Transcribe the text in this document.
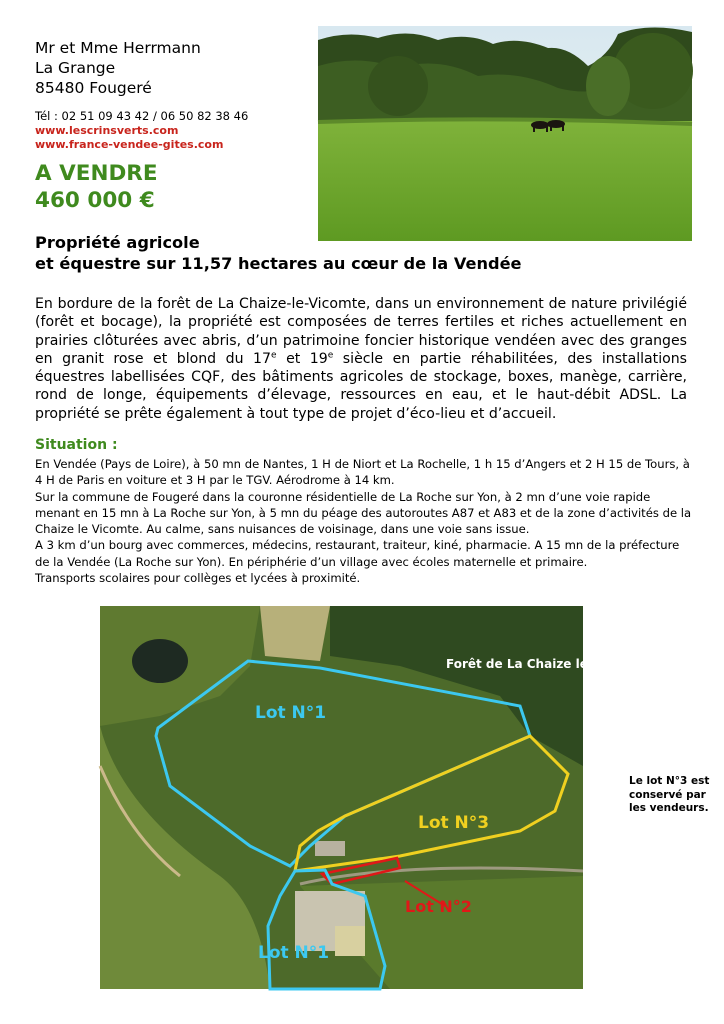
Mr et Mme Herrmann
La Grange
85480 Fougeré
Tél : 02 51 09 43 42 / 06 50 82 38 46
www.lescrinsverts.com
www.france-vendee-gites.com
A VENDRE
460 000 €
Propriété agricole
et équestre sur 11,57 hectares au cœur de la Vendée
En bordure de la forêt de La Chaize-le-Vicomte, dans un environnement de nature privilégié (forêt et bocage), la propriété est composées de terres fertiles et riches actuellement en prairies clôturées avec abris, d’un patrimoine foncier historique vendéen avec des granges en granit rose et blond du 17e et 19e siècle en partie réhabilitées, des installations équestres labellisées CQF, des bâtiments agricoles de stockage, boxes, manège, carrière, rond de longe, équipements d’élevage, ressources en eau, et le haut-débit ADSL. La propriété se prête également à tout type de projet d’éco-lieu et d’accueil.
Situation :

En Vendée (Pays de Loire), à 50 mn de Nantes, 1 H de Niort et La Rochelle, 1 h 15 d’Angers et 2 H 15 de Tours, à 4 H de Paris en voiture et 3 H par le TGV. Aérodrome à 14 km.

Sur la commune de Fougeré dans la couronne résidentielle de La Roche sur Yon, à 2 mn d’une voie rapide menant en 15 mn à La Roche sur Yon, à 5 mn du péage des autoroutes A87 et A83 et de la zone d’activités de la Chaize le Vicomte. Au calme, sans nuisances de voisinage, dans une voie sans issue.

A 3 km d’un bourg avec commerces, médecins, restaurant, traiteur, kiné, pharmacie. A 15 mn de la préfecture de la Vendée (La Roche sur Yon). En périphérie d’un village avec écoles maternelle et primaire.

Transports scolaires pour collèges et lycées à proximité.

Forêt de La Chaize le Vicomte
Lot N°1
Lot N°3
Lot N°2
Lot N°1
Le lot N°3 est conservé par les vendeurs.
